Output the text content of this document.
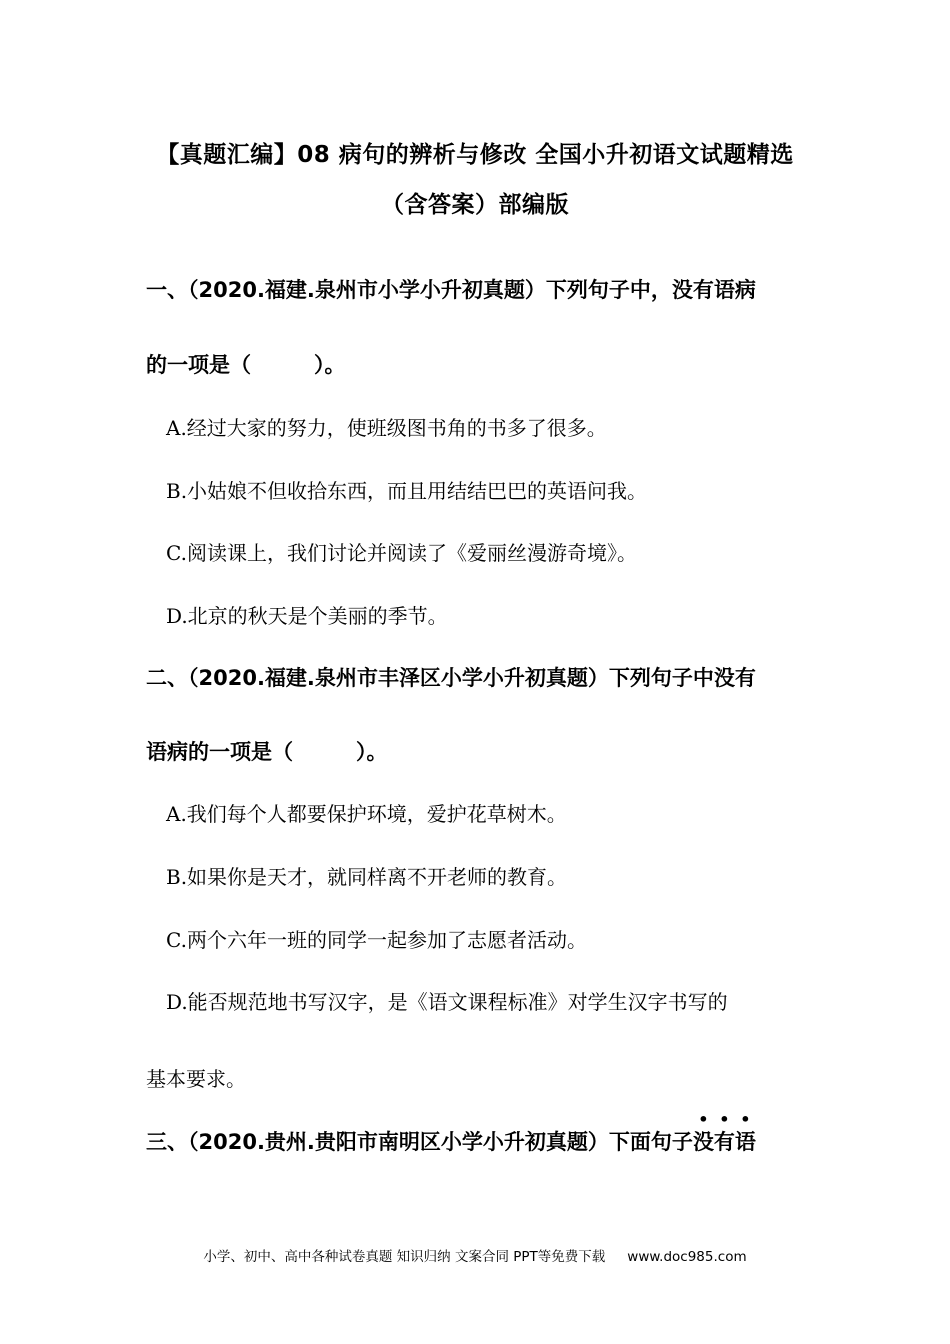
【真题汇编】08 病句的辨析与修改 全国小升初语文试题精选
（含答案）部编版
一、（2020.福建.泉州市小学小升初真题）下列句子中，没有语病
的一项是（　　　）。
A.经过大家的努力，使班级图书角的书多了很多。
B.小姑娘不但收拾东西，而且用结结巴巴的英语问我。
C.阅读课上，我们讨论并阅读了《爱丽丝漫游奇境》。
D.北京的秋天是个美丽的季节。
二、（2020.福建.泉州市丰泽区小学小升初真题）下列句子中没有
语病的一项是（　　　）。
A.我们每个人都要保护环境，爱护花草树木。
B.如果你是天才，就同样离不开老师的教育。
C.两个六年一班的同学一起参加了志愿者活动。
D.能否规范地书写汉字，是《语文课程标准》对学生汉字书写的
基本要求。
三、（2020.贵州.贵阳市南明区小学小升初真题）下面句子
• • •
没有语
小学、初中、高中各种试卷真题 知识归纳 文案合同 PPT等免费下载 www.doc985.com
